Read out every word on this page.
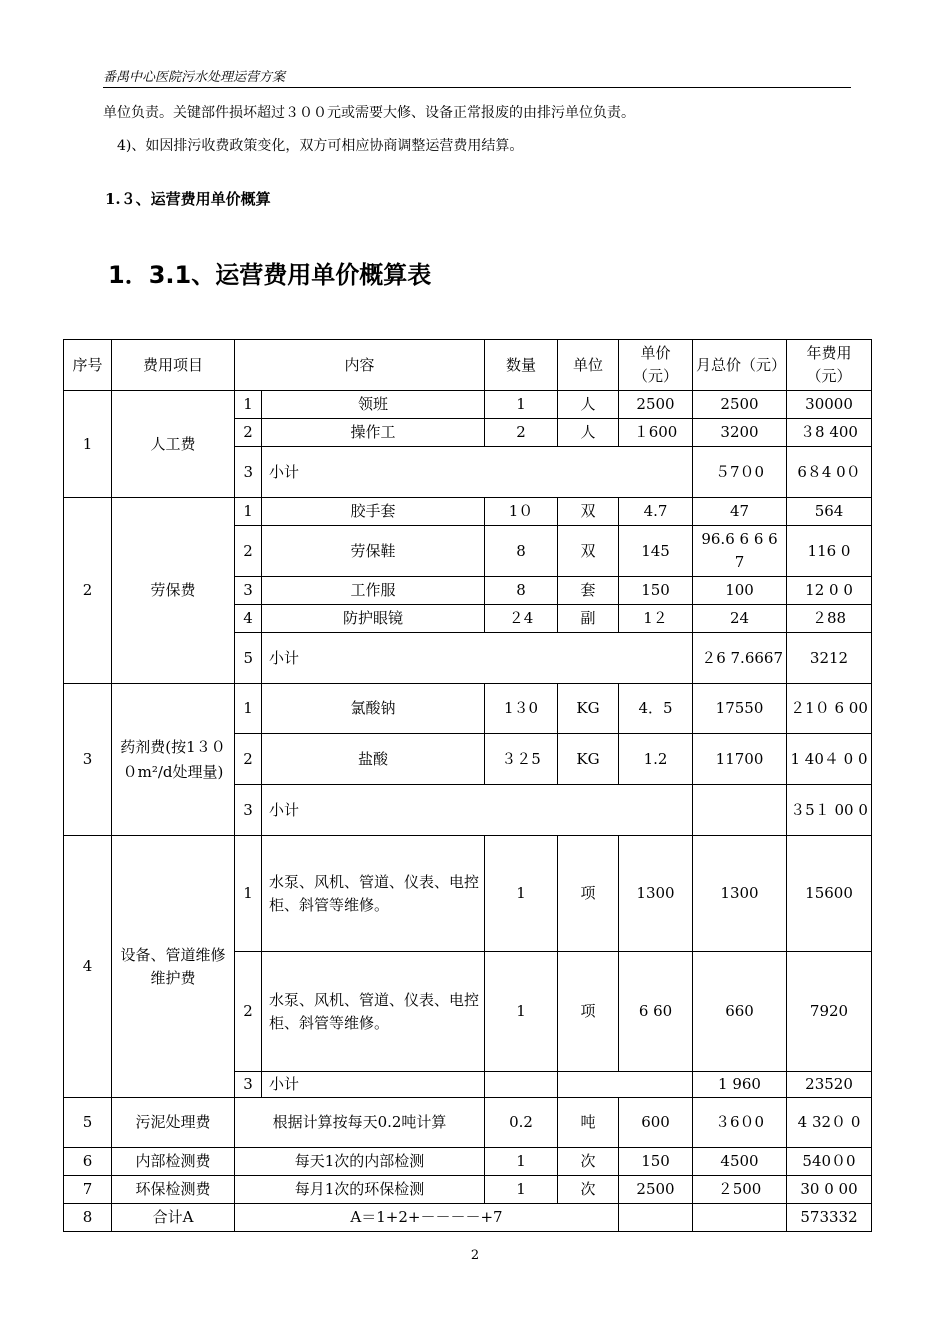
番禺中心医院污水处理运营方案
单位负责。关键部件损坏超过３００元或需要大修、设备正常报废的由排污单位负责。
4)、如因排污收费政策变化，双方可相应协商调整运营费用结算。
1.３、运营费用单价概算
1．3.1、运营费用单价概算表
序号	费用项目	内容		数量	单位	单价（元）	月总价（元）	年费用（元）
1	人工费	1	领班	1	人	2500	2500	30000
		2	操作工	2	人	１600	3200	３8 400
		3	小计				５7０0	6８4 0０
2	劳保费	1	胶手套	1０	双	4.7	47	564
		2	劳保鞋	8	双	145	96.6 6 6 6 7	116 0
		3	工作服	8	套	150	100	12 0 0
		4	防护眼镜	２4	副	1２	24	２88
		5	小计				２6 7.6667	3212
3	药剂费(按1３００m²/d处理量)	1	氯酸钠	1３0	KG	4．5	17550	２1０ 6 00
		2	盐酸	３２5	KG	1.2	11700	1 40４ 0 0
		3	小计					３5１ 00 0
4	设备、管道维修维护费	1	水泵、风机、管道、仪表、电控柜、斜管等维修。	1	项	1300	1300	15600
		2	水泵、风机、管道、仪表、电控柜、斜管等维修。	1	项	6 60	660	7920
		3	小计				1 960	23520
5	污泥处理费	根据计算按每天0.2吨计算		0.2	吨	600	３6０0	4 32０ 0
6	内部检测费	每天1次的内部检测		1	次	150	4500	540０0
7	环保检测费	每月1次的环保检测		1	次	2500	２500	30 0 00
8	合计A	A＝1+2+－－－－+7						573332
2
